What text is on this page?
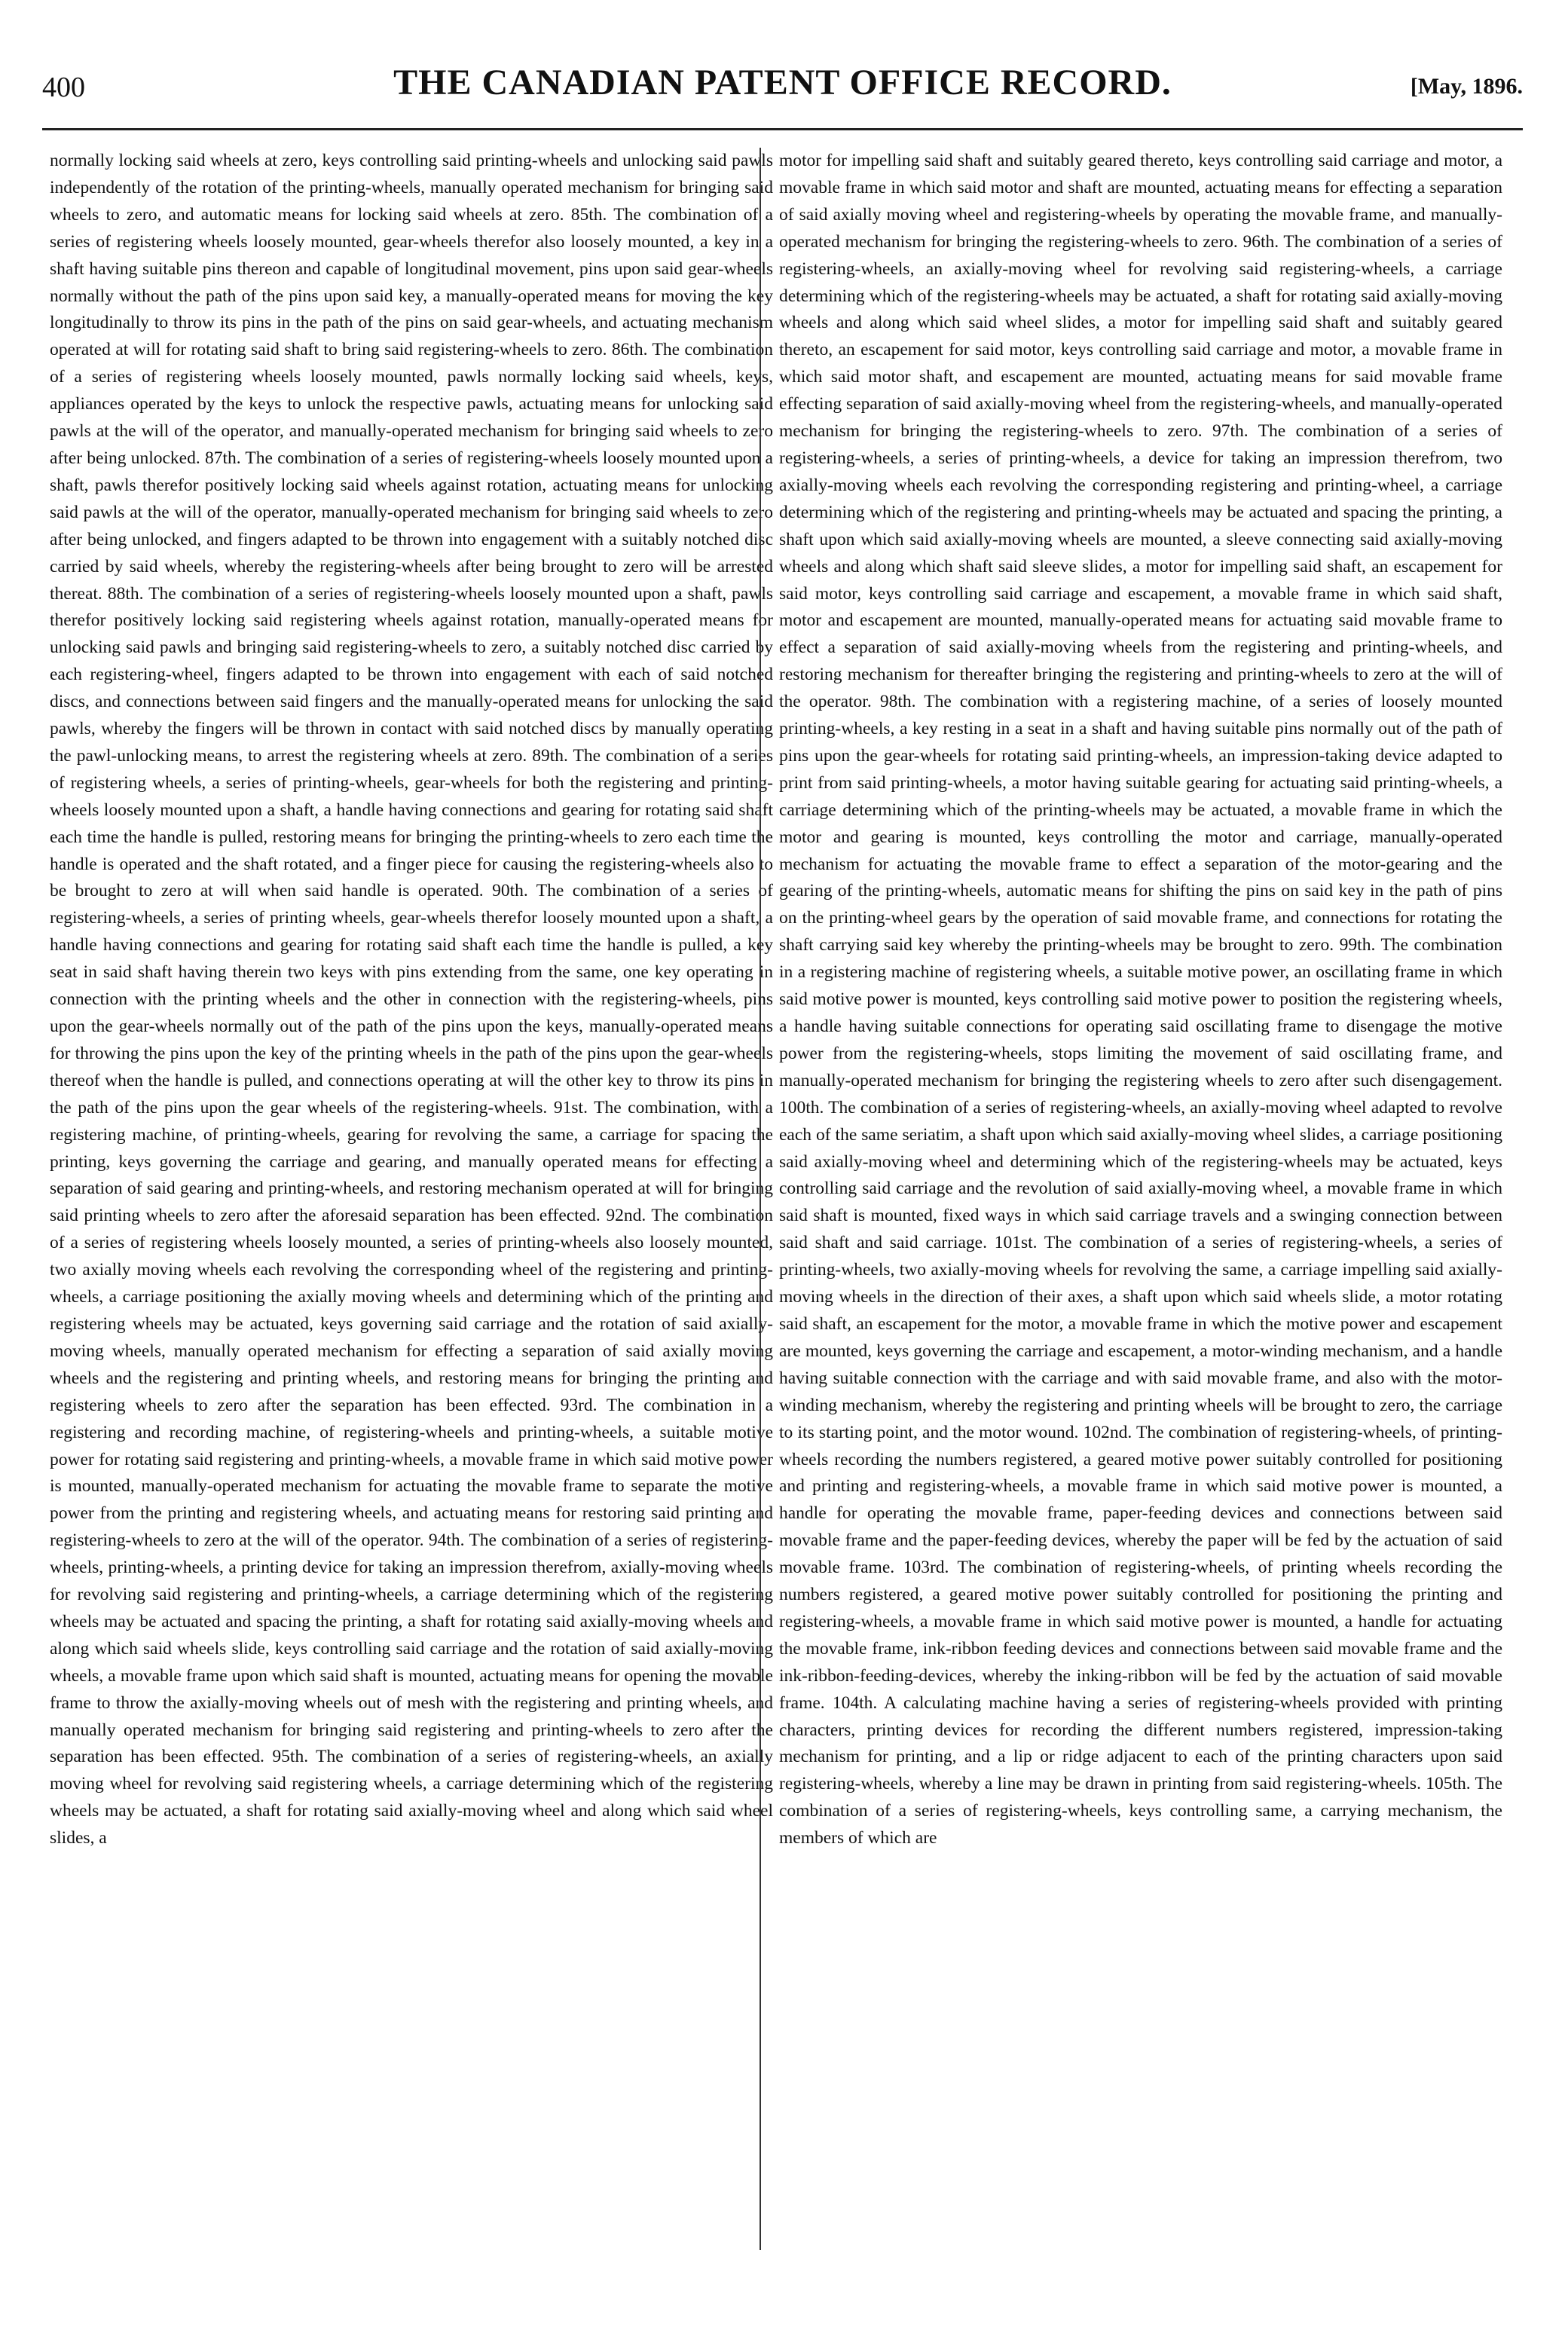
400	THE CANADIAN PATENT OFFICE RECORD.	[May, 1896.

normally locking said wheels at zero, keys controlling said printing-wheels and unlocking said pawls independently of the rotation of the printing-wheels, manually operated mechanism for bringing said wheels to zero, and automatic means for locking said wheels at zero. 85th. The combination of a series of registering wheels loosely mounted, gear-wheels therefor also loosely mounted, a key in a shaft having suitable pins thereon and capable of longitudinal movement, pins upon said gear-wheels normally without the path of the pins upon said key, a manually-operated means for moving the key longitudinally to throw its pins in the path of the pins on said gear-wheels, and actuating mechanism operated at will for rotating said shaft to bring said registering-wheels to zero. 86th. The combination of a series of registering wheels loosely mounted, pawls normally locking said wheels, keys, appliances operated by the keys to unlock the respective pawls, actuating means for unlocking said pawls at the will of the operator, and manually-operated mechanism for bringing said wheels to zero after being unlocked. 87th. The combination of a series of registering-wheels loosely mounted upon a shaft, pawls therefor positively locking said wheels against rotation, actuating means for unlocking said pawls at the will of the operator, manually-operated mechanism for bringing said wheels to zero after being unlocked, and fingers adapted to be thrown into engagement with a suitably notched disc carried by said wheels, whereby the registering-wheels after being brought to zero will be arrested thereat. 88th. The combination of a series of registering-wheels loosely mounted upon a shaft, pawls therefor positively locking said registering wheels against rotation, manually-operated means for unlocking said pawls and bringing said registering-wheels to zero, a suitably notched disc carried by each registering-wheel, fingers adapted to be thrown into engagement with each of said notched discs, and connections between said fingers and the manually-operated means for unlocking the said pawls, whereby the fingers will be thrown in contact with said notched discs by manually operating the pawl-unlocking means, to arrest the registering wheels at zero. 89th. The combination of a series of registering wheels, a series of printing-wheels, gear-wheels for both the registering and printing-wheels loosely mounted upon a shaft, a handle having connections and gearing for rotating said shaft each time the handle is pulled, restoring means for bringing the printing-wheels to zero each time the handle is operated and the shaft rotated, and a finger piece for causing the registering-wheels also to be brought to zero at will when said handle is operated. 90th. The combination of a series of registering-wheels, a series of printing wheels, gear-wheels therefor loosely mounted upon a shaft, a handle having connections and gearing for rotating said shaft each time the handle is pulled, a key seat in said shaft having therein two keys with pins extending from the same, one key operating in connection with the printing wheels and the other in connection with the registering-wheels, pins upon the gear-wheels normally out of the path of the pins upon the keys, manually-operated means for throwing the pins upon the key of the printing wheels in the path of the pins upon the gear-wheels thereof when the handle is pulled, and connections operating at will the other key to throw its pins in the path of the pins upon the gear wheels of the registering-wheels. 91st. The combination, with a registering machine, of printing-wheels, gearing for revolving the same, a carriage for spacing the printing, keys governing the carriage and gearing, and manually operated means for effecting a separation of said gearing and printing-wheels, and restoring mechanism operated at will for bringing said printing wheels to zero after the aforesaid separation has been effected. 92nd. The combination of a series of registering wheels loosely mounted, a series of printing-wheels also loosely mounted, two axially moving wheels each revolving the corresponding wheel of the registering and printing-wheels, a carriage positioning the axially moving wheels and determining which of the printing and registering wheels may be actuated, keys governing said carriage and the rotation of said axially-moving wheels, manually operated mechanism for effecting a separation of said axially moving wheels and the registering and printing wheels, and restoring means for bringing the printing and registering wheels to zero after the separation has been effected. 93rd. The combination in a registering and recording machine, of registering-wheels and printing-wheels, a suitable motive power for rotating said registering and printing-wheels, a movable frame in which said motive power is mounted, manually-operated mechanism for actuating the movable frame to separate the motive power from the printing and registering wheels, and actuating means for restoring said printing and registering-wheels to zero at the will of the operator. 94th. The combination of a series of registering-wheels, printing-wheels, a printing device for taking an impression therefrom, axially-moving wheels for revolving said registering and printing-wheels, a carriage determining which of the registering wheels may be actuated and spacing the printing, a shaft for rotating said axially-moving wheels and along which said wheels slide, keys controlling said carriage and the rotation of said axially-moving wheels, a movable frame upon which said shaft is mounted, actuating means for opening the movable frame to throw the axially-moving wheels out of mesh with the registering and printing wheels, and manually operated mechanism for bringing said registering and printing-wheels to zero after the separation has been effected. 95th. The combination of a series of registering-wheels, an axially moving wheel for revolving said registering wheels, a carriage determining which of the registering wheels may be actuated, a shaft for rotating said axially-moving wheel and along which said wheel slides, a

motor for impelling said shaft and suitably geared thereto, keys controlling said carriage and motor, a movable frame in which said motor and shaft are mounted, actuating means for effecting a separation of said axially moving wheel and registering-wheels by operating the movable frame, and manually-operated mechanism for bringing the registering-wheels to zero. 96th. The combination of a series of registering-wheels, an axially-moving wheel for revolving said registering-wheels, a carriage determining which of the registering-wheels may be actuated, a shaft for rotating said axially-moving wheels and along which said wheel slides, a motor for impelling said shaft and suitably geared thereto, an escapement for said motor, keys controlling said carriage and motor, a movable frame in which said motor shaft, and escapement are mounted, actuating means for said movable frame effecting separation of said axially-moving wheel from the registering-wheels, and manually-operated mechanism for bringing the registering-wheels to zero. 97th. The combination of a series of registering-wheels, a series of printing-wheels, a device for taking an impression therefrom, two axially-moving wheels each revolving the corresponding registering and printing-wheel, a carriage determining which of the registering and printing-wheels may be actuated and spacing the printing, a shaft upon which said axially-moving wheels are mounted, a sleeve connecting said axially-moving wheels and along which shaft said sleeve slides, a motor for impelling said shaft, an escapement for said motor, keys controlling said carriage and escapement, a movable frame in which said shaft, motor and escapement are mounted, manually-operated means for actuating said movable frame to effect a separation of said axially-moving wheels from the registering and printing-wheels, and restoring mechanism for thereafter bringing the registering and printing-wheels to zero at the will of the operator. 98th. The combination with a registering machine, of a series of loosely mounted printing-wheels, a key resting in a seat in a shaft and having suitable pins normally out of the path of pins upon the gear-wheels for rotating said printing-wheels, an impression-taking device adapted to print from said printing-wheels, a motor having suitable gearing for actuating said printing-wheels, a carriage determining which of the printing-wheels may be actuated, a movable frame in which the motor and gearing is mounted, keys controlling the motor and carriage, manually-operated mechanism for actuating the movable frame to effect a separation of the motor-gearing and the gearing of the printing-wheels, automatic means for shifting the pins on said key in the path of pins on the printing-wheel gears by the operation of said movable frame, and connections for rotating the shaft carrying said key whereby the printing-wheels may be brought to zero. 99th. The combination in a registering machine of registering wheels, a suitable motive power, an oscillating frame in which said motive power is mounted, keys controlling said motive power to position the registering wheels, a handle having suitable connections for operating said oscillating frame to disengage the motive power from the registering-wheels, stops limiting the movement of said oscillating frame, and manually-operated mechanism for bringing the registering wheels to zero after such disengagement. 100th. The combination of a series of registering-wheels, an axially-moving wheel adapted to revolve each of the same seriatim, a shaft upon which said axially-moving wheel slides, a carriage positioning said axially-moving wheel and determining which of the registering-wheels may be actuated, keys controlling said carriage and the revolution of said axially-moving wheel, a movable frame in which said shaft is mounted, fixed ways in which said carriage travels and a swinging connection between said shaft and said carriage. 101st. The combination of a series of registering-wheels, a series of printing-wheels, two axially-moving wheels for revolving the same, a carriage impelling said axially-moving wheels in the direction of their axes, a shaft upon which said wheels slide, a motor rotating said shaft, an escapement for the motor, a movable frame in which the motive power and escapement are mounted, keys governing the carriage and escapement, a motor-winding mechanism, and a handle having suitable connection with the carriage and with said movable frame, and also with the motor-winding mechanism, whereby the registering and printing wheels will be brought to zero, the carriage to its starting point, and the motor wound. 102nd. The combination of registering-wheels, of printing-wheels recording the numbers registered, a geared motive power suitably controlled for positioning and printing and registering-wheels, a movable frame in which said motive power is mounted, a handle for operating the movable frame, paper-feeding devices and connections between said movable frame and the paper-feeding devices, whereby the paper will be fed by the actuation of said movable frame. 103rd. The combination of registering-wheels, of printing wheels recording the numbers registered, a geared motive power suitably controlled for positioning the printing and registering-wheels, a movable frame in which said motive power is mounted, a handle for actuating the movable frame, ink-ribbon feeding devices and connections between said movable frame and the ink-ribbon-feeding-devices, whereby the inking-ribbon will be fed by the actuation of said movable frame. 104th. A calculating machine having a series of registering-wheels provided with printing characters, printing devices for recording the different numbers registered, impression-taking mechanism for printing, and a lip or ridge adjacent to each of the printing characters upon said registering-wheels, whereby a line may be drawn in printing from said registering-wheels. 105th. The combination of a series of registering-wheels, keys controlling same, a carrying mechanism, the members of which are
